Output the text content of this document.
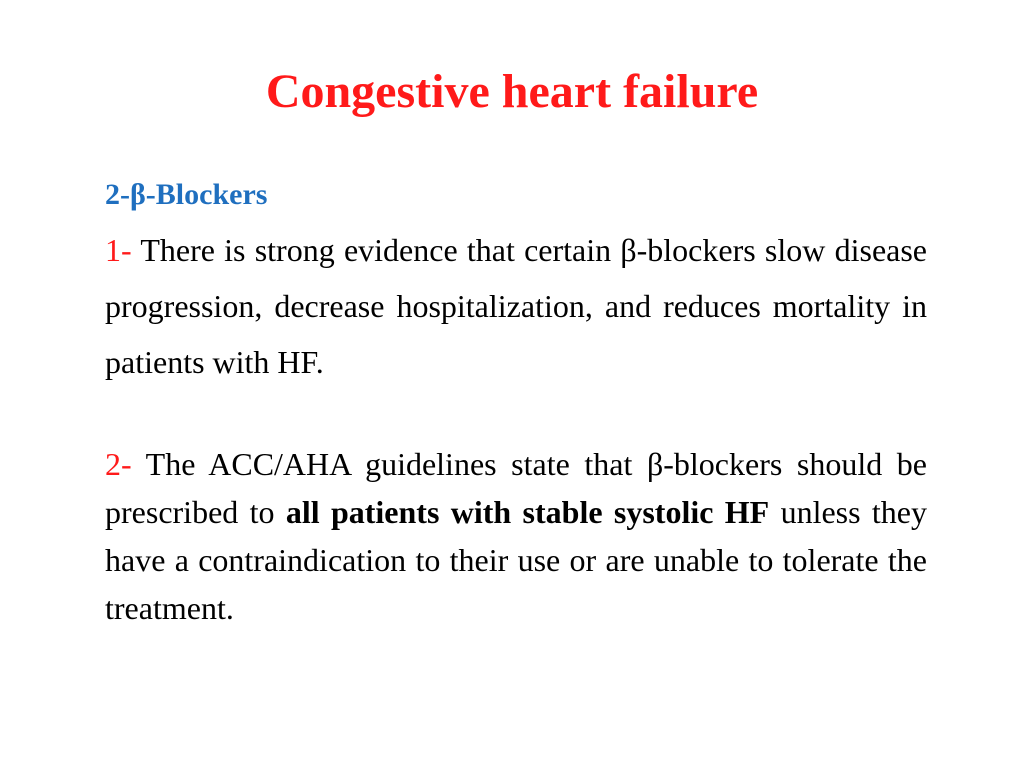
Congestive heart failure
2-β-Blockers

1- There is strong evidence that certain β-blockers slow disease progression, decrease hospitalization, and reduces mortality in patients with HF.

2- The ACC/AHA guidelines state that β-blockers should be prescribed to all patients with stable systolic HF unless they have a contraindication to their use or are unable to tolerate the treatment.
